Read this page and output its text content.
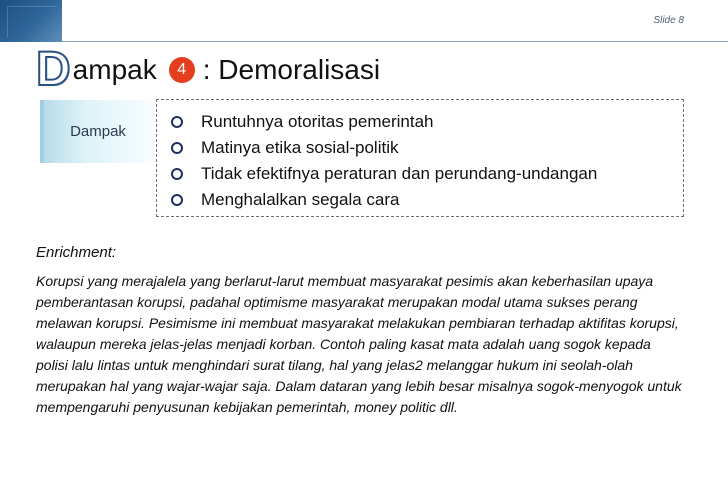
Slide 8
D ampak	4 : Demoralisasi
Dampak
Runtuhnya otoritas pemerintah
Matinya etika sosial-politik
Tidak efektifnya peraturan dan perundang-undangan
Menghalalkan segala cara
Enrichment:

Korupsi yang merajalela yang berlarut-larut membuat masyarakat pesimis akan keberhasilan upaya pemberantasan korupsi, padahal optimisme masyarakat merupakan modal utama sukses perang melawan korupsi. Pesimisme ini membuat masyarakat melakukan pembiaran terhadap aktifitas korupsi, walaupun mereka jelas-jelas menjadi korban. Contoh paling kasat mata adalah uang sogok kepada polisi lalu lintas untuk menghindari surat tilang, hal yang jelas2 melanggar hukum ini seolah-olah merupakan hal yang wajar-wajar saja. Dalam dataran yang lebih besar misalnya sogok-menyogok untuk mempengaruhi penyusunan kebijakan pemerintah, money politic dll.
